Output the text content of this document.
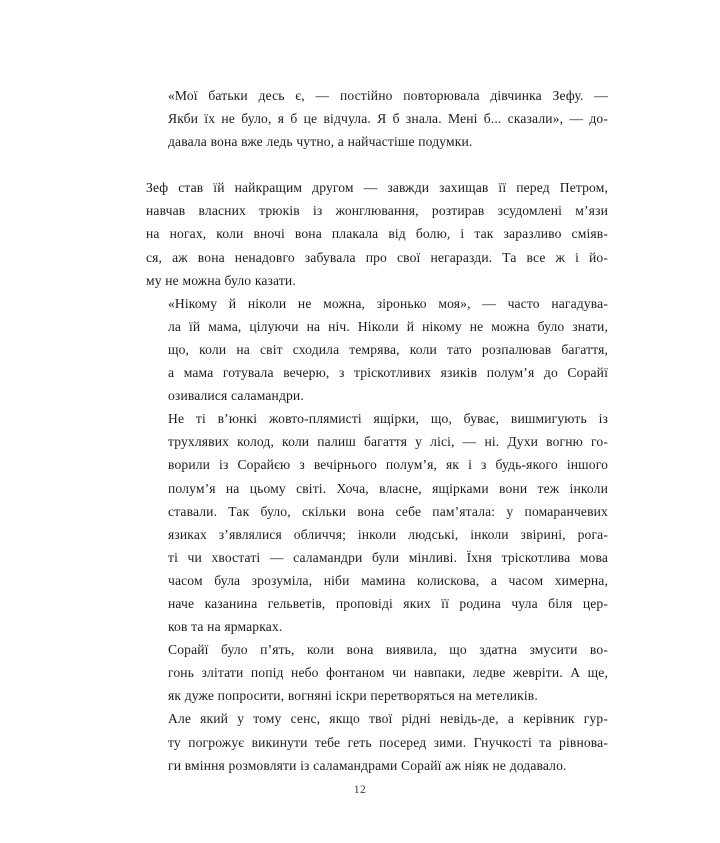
«Мої батьки десь є, — постійно повторювала дівчинка Зефу. —
Якби їх не було, я б це відчула. Я б знала. Мені б... сказали», — до-
давала вона вже ледь чутно, а найчастіше подумки.

Зеф став їй найкращим другом — завжди захищав її перед Петром,
навчав власних трюків із жонглювання, розтирав зсудомлені м’язи
на ногах, коли вночі вона плакала від болю, і так заразливо сміяв-
ся, аж вона ненадовго забувала про свої негаразди. Та все ж і йо-
му не можна було казати.

«Нікому й ніколи не можна, зіронько моя», — часто нагадува-
ла їй мама, цілуючи на ніч. Ніколи й нікому не можна було знати,
що, коли на світ сходила темрява, коли тато розпалював багаття,
а мама готувала вечерю, з тріскотливих язиків полум’я до Сорайї
озивалися саламандри.

Не ті в’юнкі жовто-плямисті ящірки, що, буває, вишмигують із
трухлявих колод, коли палиш багаття у лісі, — ні. Духи вогню го-
ворили із Сорайєю з вечірнього полум’я, як і з будь-якого іншого
полум’я на цьому світі. Хоча, власне, ящірками вони теж інколи
ставали. Так було, скільки вона себе пам’ятала: у помаранчевих
язиках з’являлися обличчя; інколи людські, інколи звірині, рога-
ті чи хвостаті — саламандри були мінливі. Їхня тріскотлива мова
часом була зрозуміла, ніби мамина колискова, а часом химерна,
наче казанина гельветів, проповіді яких її родина чула біля цер-
ков та на ярмарках.

Сорайї було п’ять, коли вона виявила, що здатна змусити во-
гонь злітати попід небо фонтаном чи навпаки, ледве жевріти. А ще,
як дуже попросити, вогняні іскри перетворяться на метеликів.

Але який у тому сенс, якщо твої рідні невідь-де, а керівник гур-
ту погрожує викинути тебе геть посеред зими. Гнучкості та рівнова-
ги вміння розмовляти із саламандрами Сорайї аж ніяк не додавало.

12
